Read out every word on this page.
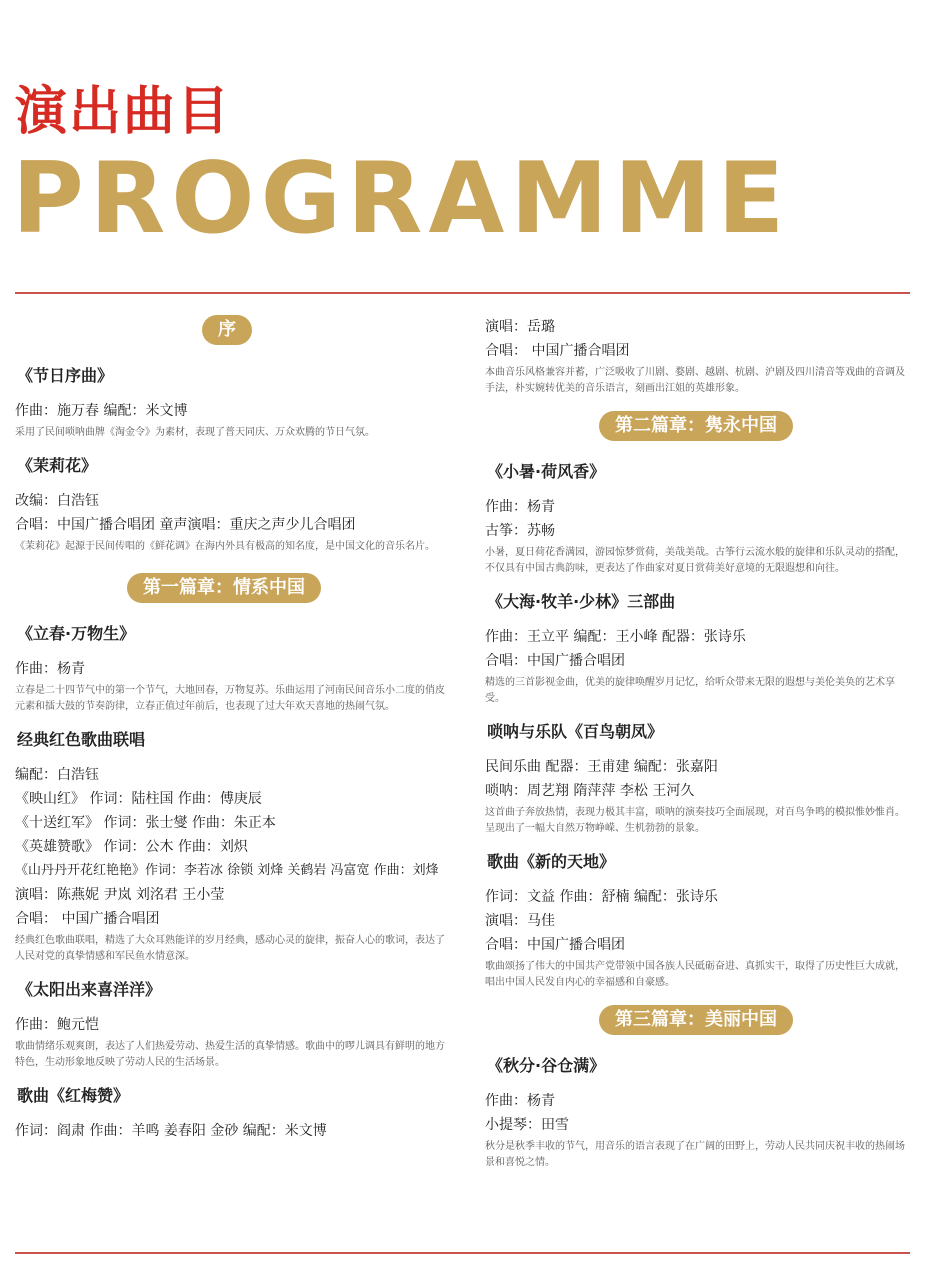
演出曲目
PROGRAMME
序
《节日序曲》
作曲：施万春 编配：米文博
采用了民间唢呐曲牌《淘金令》为素材，表现了普天同庆、万众欢腾的节日气氛。
《茉莉花》
改编：白浩钰
合唱：中国广播合唱团 童声演唱：重庆之声少儿合唱团
《茉莉花》起源于民间传唱的《鲜花调》在海内外具有极高的知名度，是中国文化的音乐名片。
第一篇章：情系中国
《立春·万物生》
作曲：杨青
立春是二十四节气中的第一个节气，大地回春，万物复苏。乐曲运用了河南民间音乐小二度的俏皮元素和擂大鼓的节奏韵律，立春正值过年前后，也表现了过大年欢天喜地的热闹气氛。
经典红色歌曲联唱
编配：白浩钰
《映山红》 作词：陆柱国 作曲：傅庚辰
《十送红军》 作词：张士燮 作曲：朱正本
《英雄赞歌》 作词：公木 作曲：刘炽
《山丹丹开花红艳艳》作词：李若冰 徐锁 刘烽 关鹤岩 冯富宽 作曲：刘烽
演唱：陈燕妮 尹岚 刘洺君 王小莹
合唱： 中国广播合唱团
经典红色歌曲联唱，精选了大众耳熟能详的岁月经典，感动心灵的旋律，振奋人心的歌词，表达了人民对党的真挚情感和军民鱼水情意深。
《太阳出来喜洋洋》
作曲：鲍元恺
歌曲情绪乐观爽朗，表达了人们热爱劳动、热爱生活的真挚情感。歌曲中的啰儿调具有鲜明的地方特色，生动形象地反映了劳动人民的生活场景。
歌曲《红梅赞》
作词：阎肃 作曲：羊鸣 姜春阳 金砂 编配：米文博
演唱：岳璐
合唱： 中国广播合唱团
本曲音乐风格兼容并蓄，广泛吸收了川剧、婺剧、越剧、杭剧、沪剧及四川清音等戏曲的音调及手法，朴实婉转优美的音乐语言，刻画出江姐的英雄形象。
第二篇章：隽永中国
《小暑·荷风香》
作曲：杨青
古筝：苏畅
小暑，夏日荷花香满园，游园惊梦赏荷，美哉美哉。古筝行云流水般的旋律和乐队灵动的搭配，不仅具有中国古典韵味，更表达了作曲家对夏日赏荷美好意境的无限遐想和向往。
《大海·牧羊·少林》三部曲
作曲：王立平 编配：王小峰 配器：张诗乐
合唱：中国广播合唱团
精选的三首影视金曲，优美的旋律唤醒岁月记忆，给听众带来无限的遐想与美伦美奂的艺术享受。
唢呐与乐队《百鸟朝凤》
民间乐曲 配器：王甫建 编配：张嘉阳
唢呐：周艺翔 隋萍萍 李松 王河久
这首曲子奔放热情，表现力极其丰富，唢呐的演奏技巧全面展现，对百鸟争鸣的模拟惟妙惟肖。呈现出了一幅大自然万物峥嵘、生机勃勃的景象。
歌曲《新的天地》
作词：文益 作曲：舒楠 编配：张诗乐
演唱：马佳
合唱：中国广播合唱团
歌曲颂扬了伟大的中国共产党带领中国各族人民砥砺奋进、真抓实干，取得了历史性巨大成就，唱出中国人民发自内心的幸福感和自豪感。
第三篇章：美丽中国
《秋分·谷仓满》
作曲：杨青
小提琴：田雪
秋分是秋季丰收的节气，用音乐的语言表现了在广阔的田野上，劳动人民共同庆祝丰收的热闹场景和喜悦之情。
